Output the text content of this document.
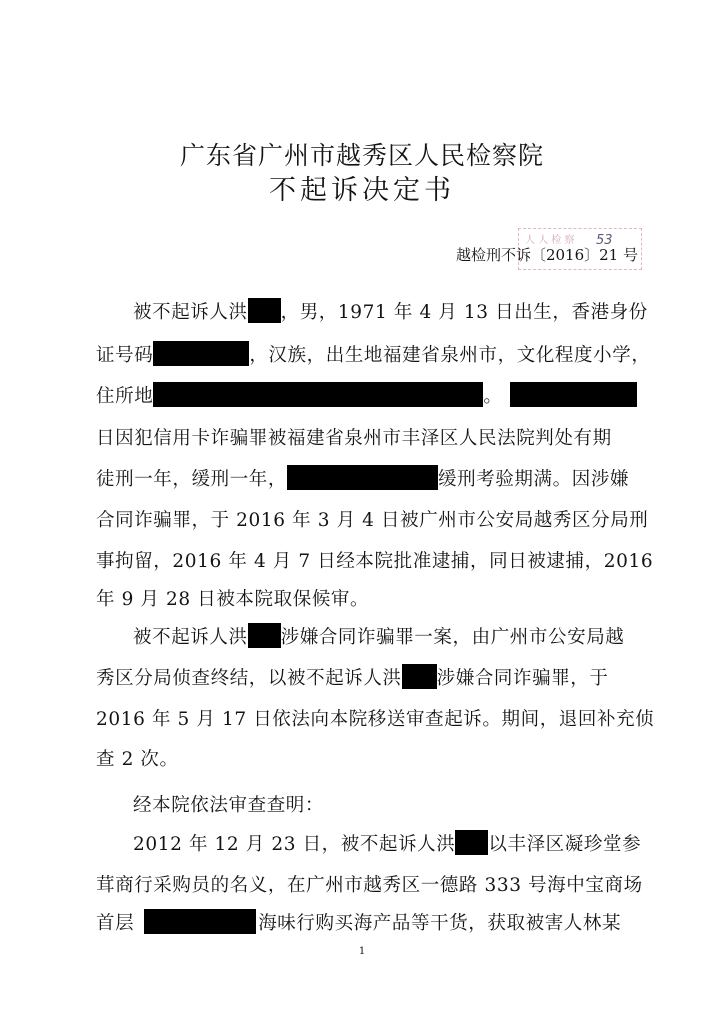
广东省广州市越秀区人民检察院
不起诉决定书
人 人 检 察 53
越检刑不诉〔2016〕21 号
被不起诉人洪 ，男，1971 年 4 月 13 日出生，香港身份
证号码	，汉族，出生地福建省泉州市，文化程度小学，
住所地	。
日因犯信用卡诈骗罪被福建省泉州市丰泽区人民法院判处有期
徒刑一年，缓刑一年，	缓刑考验期满。因涉嫌
合同诈骗罪，于 2016 年 3 月 4 日被广州市公安局越秀区分局刑
事拘留，2016 年 4 月 7 日经本院批准逮捕，同日被逮捕，2016
年 9 月 28 日被本院取保候审。
被不起诉人洪 涉嫌合同诈骗罪一案，由广州市公安局越
秀区分局侦查终结，以被不起诉人洪 涉嫌合同诈骗罪，于
2016 年 5 月 17 日依法向本院移送审查起诉。期间，退回补充侦
查 2 次。
经本院依法审查查明：
2012 年 12 月 23 日，被不起诉人洪 以丰泽区凝珍堂参
茸商行采购员的名义，在广州市越秀区一德路 333 号海中宝商场
首层	海味行购买海产品等干货，获取被害人林某
1
